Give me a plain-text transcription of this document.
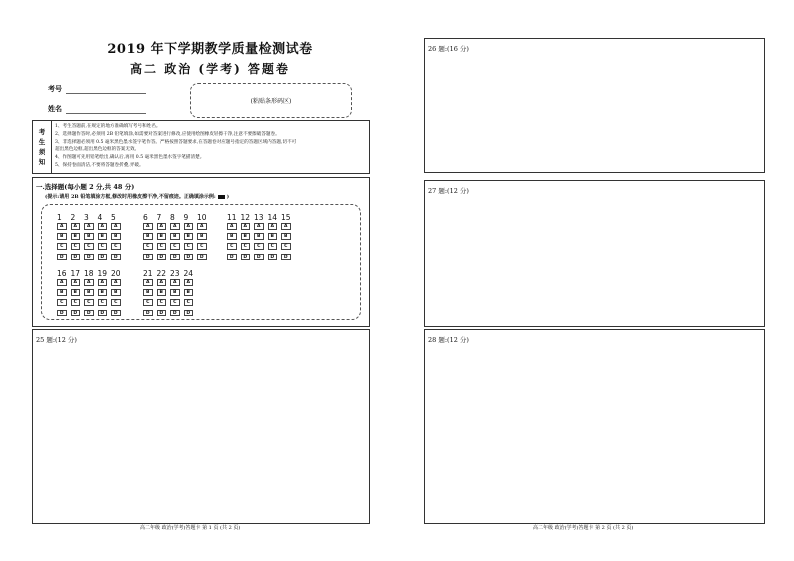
2019 年下学期教学质量检测试卷
高二 政治 (学考) 答题卷
考号
姓名
(粘贴条形码区)
考
生
须
知
1、考生答题前,在规定的地方准确填写考号和姓名。
2、选择题作答时,必须用 2B 铅笔填涂,如需要对答案进行修改,应使用绘图橡皮轻擦干净,注意不要擦破答题卷。
3、非选择题必须用 0.5 毫米黑色墨水签字笔作答。严格按照答题要求,在答题卷对应题号指定的答题区域内答题,切不可
超出黑色边框,超出黑色边框的答案无效。
4、作图题可先用铅笔绘出,确认后,再用 0.5 毫米黑色墨水签字笔描清楚。
5、保持卷面清洁,不要将答题卷折叠,弄破。
一.选择题(每小题 2 分,共 48 分)
(提示:请用 2B 铅笔填涂方框,修改时用橡皮擦干净,不留痕迹。正确填涂示例: )
1	2	3	4	5
A	A	A	A	A
B	B	B	B	B
C	C	C	C	C
D	D	D	D	D
6	7	8	9	10
A	A	A	A	A
B	B	B	B	B
C	C	C	C	C
D	D	D	D	D
11 12 13 14 15
A	A	A	A	A
B	B	B	B	B
C	C	C	C	C
D	D	D	D	D
16 17 18 19 20
A	A	A	A	A
B	B	B	B	B
C	C	C	C	C
D	D	D	D	D
21 22 23 24
A	A	A	A
B	B	B	B
C	C	C	C
D	D	D	D
25 题:(12 分)
26 题:(16 分)
27 题:(12 分)
28 题:(12 分)
高二年级 政治(学考)答题卡 第 1 页 (共 2 页)	高二年级 政治(学考)答题卡 第 2 页 (共 2 页)
